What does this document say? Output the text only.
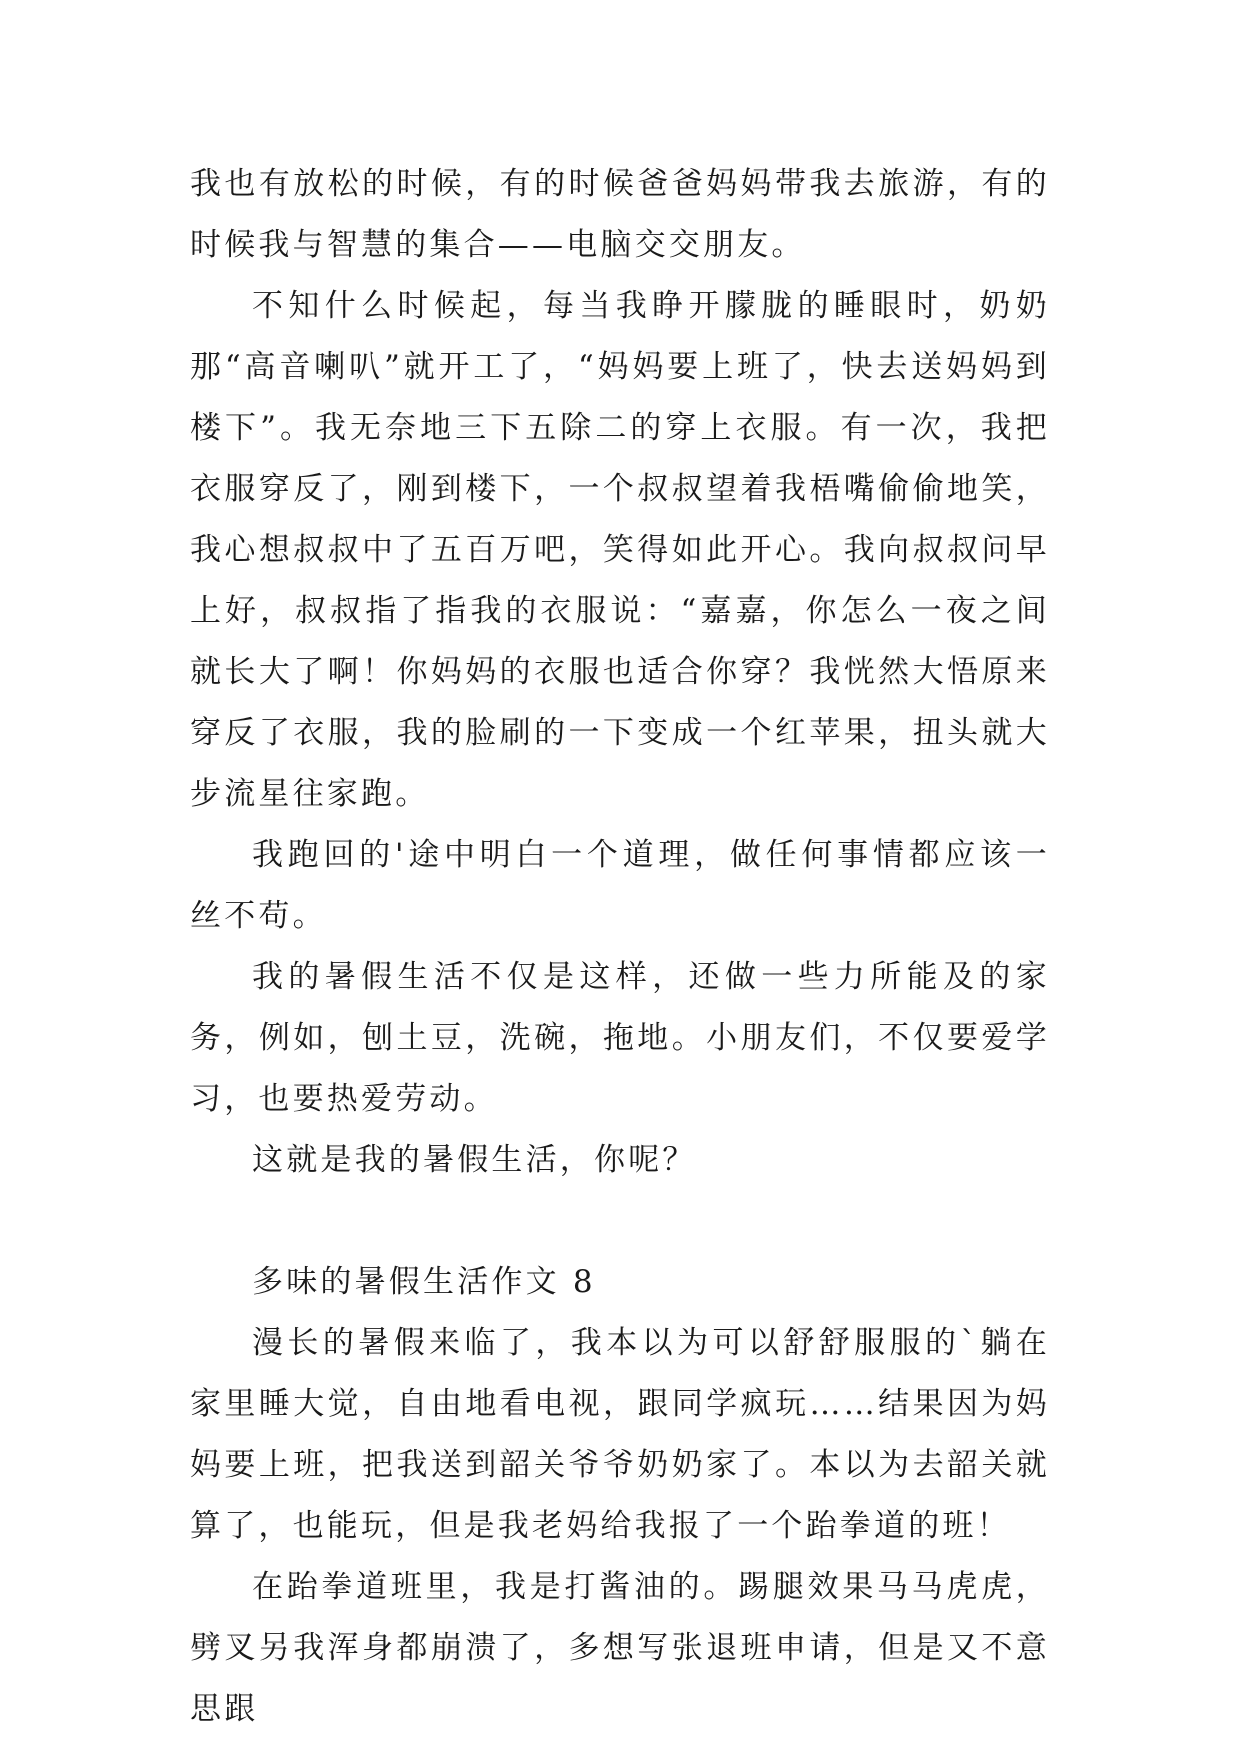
我也有放松的时候，有的时候爸爸妈妈带我去旅游，有的时候我与智慧的集合——电脑交交朋友。

不知什么时候起，每当我睁开朦胧的睡眼时，奶奶那“高音喇叭”就开工了，“妈妈要上班了，快去送妈妈到楼下”。我无奈地三下五除二的穿上衣服。有一次，我把衣服穿反了，刚到楼下，一个叔叔望着我梧嘴偷偷地笑，我心想叔叔中了五百万吧，笑得如此开心。我向叔叔问早上好，叔叔指了指我的衣服说：“嘉嘉，你怎么一夜之间就长大了啊！你妈妈的衣服也适合你穿？我恍然大悟原来穿反了衣服，我的脸刷的一下变成一个红苹果，扭头就大步流星往家跑。

我跑回的'途中明白一个道理，做任何事情都应该一丝不苟。

我的暑假生活不仅是这样，还做一些力所能及的家务，例如，刨土豆，洗碗，拖地。小朋友们，不仅要爱学习，也要热爱劳动。

这就是我的暑假生活，你呢？

多味的暑假生活作文 8

漫长的暑假来临了，我本以为可以舒舒服服的`躺在家里睡大觉，自由地看电视，跟同学疯玩……结果因为妈妈要上班，把我送到韶关爷爷奶奶家了。本以为去韶关就算了，也能玩，但是我老妈给我报了一个跆拳道的班！

在跆拳道班里，我是打酱油的。踢腿效果马马虎虎，劈叉另我浑身都崩溃了，多想写张退班申请，但是又不意思跟
